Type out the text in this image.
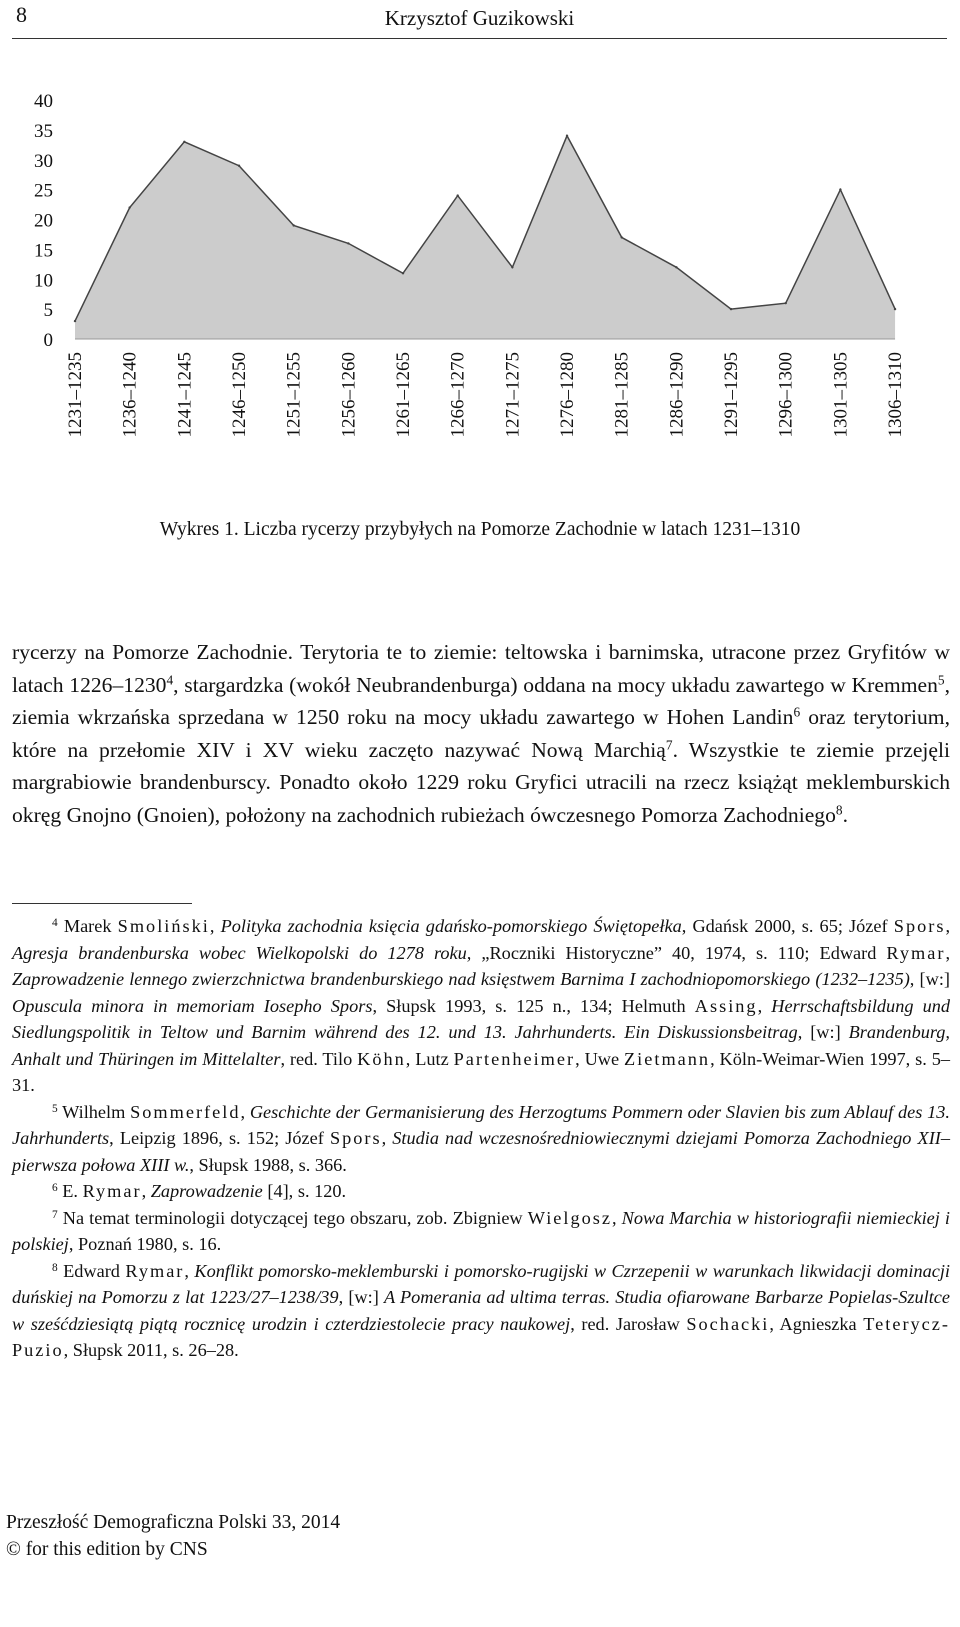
8	Krzysztof Guzikowski
40
35
30
25
20
15
10
5
0
1231–1235 1236–1240 1241–1245 1246–1250 1251–1255 1256–1260 1261–1265 1266–1270 1271–1275 1276–1280 1281–1285 1286–1290 1291–1295 1296–1300 1301–1305 1306–1310
Wykres 1. Liczba rycerzy przybyłych na Pomorze Zachodnie w latach 1231–1310
rycerzy na Pomorze Zachodnie. Terytoria te to ziemie: teltowska i barnimska, utracone przez Gryfitów w latach 1226–1230$^4$, stargardzka (wokół Neubrandenburga) oddana na mocy układu zawartego w Kremmen$^5$, ziemia wkrzańska sprzedana w 1250 roku na mocy układu zawartego w Hohen Landin$^6$ oraz terytorium, które na przełomie XIV i XV wieku zaczęto nazywać Nową Marchią$^7$. Wszystkie te ziemie przejęli margrabiowie brandenburscy. Ponadto około 1229 roku Gryfici utracili na rzecz książąt meklemburskich okręg Gnojno (Gnoien), położony na zachodnich rubieżach ówczesnego Pomorza Zachodniego$^8$.

$^4$ Marek Smoliński, Polityka zachodnia księcia gdańsko-pomorskiego Świętopełka, Gdańsk 2000, s. 65; Józef Spors, Agresja brandenburska wobec Wielkopolski do 1278 roku, „Roczniki Historyczne” 40, 1974, s. 110; Edward Rymar, Zaprowadzenie lennego zwierzchnictwa brandenburskiego nad księstwem Barnima I zachodniopomorskiego (1232–1235), [w:] Opuscula minora in memoriam Iosepho Spors, Słupsk 1993, s. 125 n., 134; Helmuth Assing, Herrschaftsbildung und Siedlungspolitik in Teltow und Barnim während des 12. und 13. Jahrhunderts. Ein Diskussionsbeitrag, [w:] Brandenburg, Anhalt und Thüringen im Mittelalter, red. Tilo Köhn, Lutz Partenheimer, Uwe Zietmann, Köln-Weimar-Wien 1997, s. 5–31.

$^5$ Wilhelm Sommerfeld, Geschichte der Germanisierung des Herzogtums Pommern oder Slavien bis zum Ablauf des 13. Jahrhunderts, Leipzig 1896, s. 152; Józef Spors, Studia nad wczesnośredniowiecznymi dziejami Pomorza Zachodniego XII–pierwsza połowa XIII w., Słupsk 1988, s. 366.

$^6$ E. Rymar, Zaprowadzenie [4], s. 120.

$^7$ Na temat terminologii dotyczącej tego obszaru, zob. Zbigniew Wielgosz, Nowa Marchia w historiografii niemieckiej i polskiej, Poznań 1980, s. 16.

$^8$ Edward Rymar, Konflikt pomorsko-meklemburski i pomorsko-rugijski w Czrzepenii w warunkach likwidacji dominacji duńskiej na Pomorzu z lat 1223/27–1238/39, [w:] A Pomerania ad ultima terras. Studia ofiarowane Barbarze Popielas-Szultce w sześćdziesiątą piątą rocznicę urodzin i czterdziestolecie pracy naukowej, red. Jarosław Sochacki, Agnieszka Teterycz-Puzio, Słupsk 2011, s. 26–28.

Przeszłość Demograficzna Polski 33, 2014
© for this edition by CNS
